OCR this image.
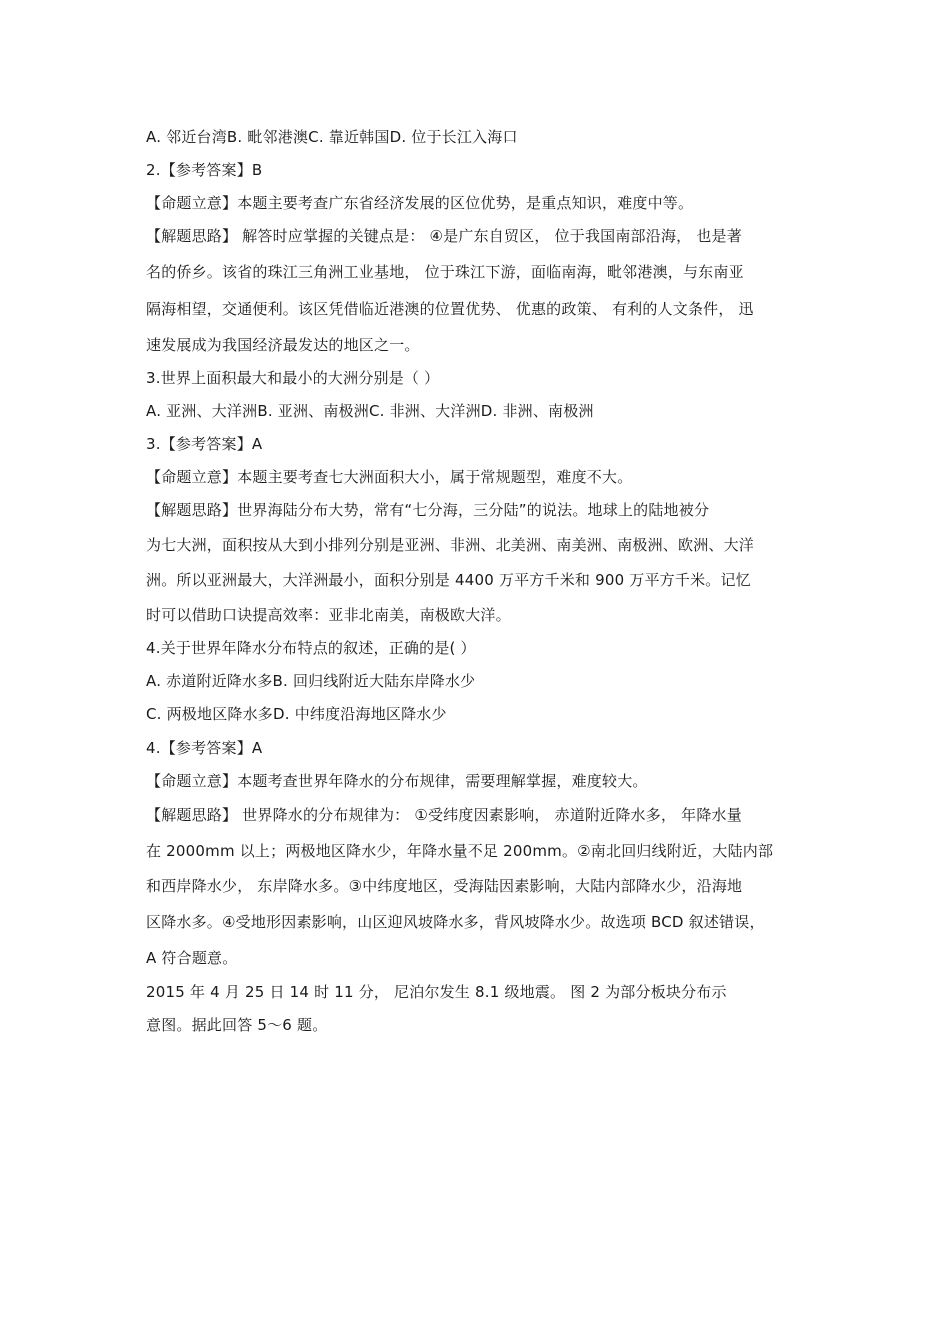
A. 邻近台湾B. 毗邻港澳C. 靠近韩国D. 位于长江入海口
2.【参考答案】B
【命题立意】本题主要考查广东省经济发展的区位优势，是重点知识，难度中等。
【解题思路】 解答时应掌握的关键点是： ④是广东自贸区， 位于我国南部沿海， 也是著
名的侨乡。该省的珠江三角洲工业基地， 位于珠江下游，面临南海，毗邻港澳，与东南亚
隔海相望，交通便利。该区凭借临近港澳的位置优势、 优惠的政策、 有利的人文条件， 迅
速发展成为我国经济最发达的地区之一。
3.世界上面积最大和最小的大洲分别是（ ）
A. 亚洲、大洋洲B. 亚洲、南极洲C. 非洲、大洋洲D. 非洲、南极洲
3.【参考答案】A
【命题立意】本题主要考查七大洲面积大小，属于常规题型，难度不大。
【解题思路】世界海陆分布大势，常有“七分海，三分陆”的说法。地球上的陆地被分
为七大洲，面积按从大到小排列分别是亚洲、非洲、北美洲、南美洲、南极洲、欧洲、大洋
洲。所以亚洲最大，大洋洲最小，面积分别是 4400 万平方千米和 900 万平方千米。记忆
时可以借助口诀提高效率：亚非北南美，南极欧大洋。
4.关于世界年降水分布特点的叙述，正确的是( ）
A. 赤道附近降水多B. 回归线附近大陆东岸降水少
C. 两极地区降水多D. 中纬度沿海地区降水少
4.【参考答案】A
【命题立意】本题考查世界年降水的分布规律，需要理解掌握，难度较大。
【解题思路】 世界降水的分布规律为： ①受纬度因素影响， 赤道附近降水多， 年降水量
在 2000mm 以上；两极地区降水少，年降水量不足 200mm。②南北回归线附近，大陆内部
和西岸降水少， 东岸降水多。③中纬度地区，受海陆因素影响，大陆内部降水少，沿海地
区降水多。④受地形因素影响，山区迎风坡降水多，背风坡降水少。故选项 BCD 叙述错误，
A 符合题意。
2015 年 4 月 25 日 14 时 11 分， 尼泊尔发生 8.1 级地震。 图 2 为部分板块分布示
意图。据此回答 5～6 题。
